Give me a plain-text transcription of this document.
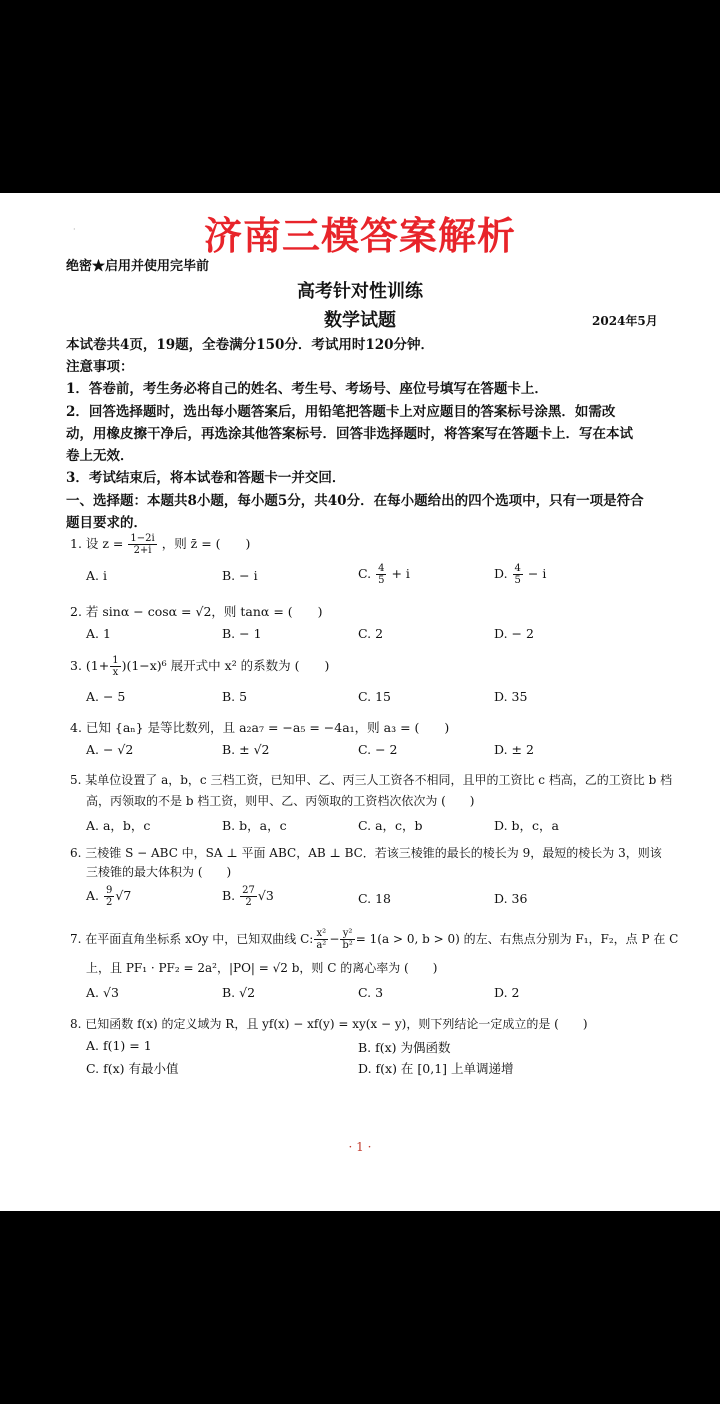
·	济南三模答案解析
绝密★启用并使用完毕前
高考针对性训练
数学试题	2024年5月
本试卷共4页，19题，全卷满分150分．考试用时120分钟．
注意事项：
1．答卷前，考生务必将自己的姓名、考生号、考场号、座位号填写在答题卡上．
2．回答选择题时，选出每小题答案后，用铅笔把答题卡上对应题目的答案标号涂黑．如需改
动，用橡皮擦干净后，再选涂其他答案标号．回答非选择题时，将答案写在答题卡上．写在本试
卷上无效．
3．考试结束后，将本试卷和答题卡一并交回．
一、选择题：本题共8小题，每小题5分，共40分．在每小题给出的四个选项中，只有一项是符合
题目要求的．
1. 设 $z = \frac{1-2i}{2+i}$ ，则 z̄ = (　　)
A. i	B. − i	C. $\frac{4}{5} + i$	D. $\frac{4}{5} - i$
2. 若 sinα − cosα = √2，则 tanα = (　　)
A. 1	B. − 1	C. 2	D. − 2
3. $(1+ \frac{1}{x} )(1-x)^6$ 展开式中 x² 的系数为 (　　)
A. − 5	B. 5	C. 15	D. 35
4. 已知 {aₙ} 是等比数列，且 a₂a₇ = −a₅ = −4a₁，则 a₃ = (　　)
A. − √2	B. ± √2	C. − 2	D. ± 2
5. 某单位设置了 a，b，c 三档工资，已知甲、乙、丙三人工资各不相同，且甲的工资比 c 档高，乙的工资比 b 档
高，丙领取的不是 b 档工资，则甲、乙、丙领取的工资档次依次为 (　　)
A. a，b，c	B. b，a，c	C. a，c，b	D. b，c，a
6. 三棱锥 S − ABC 中，SA ⊥ 平面 ABC，AB ⊥ BC．若该三棱锥的最长的棱长为 9，最短的棱长为 3，则该
三棱锥的最大体积为 (　　)
A. $\frac{9}{2} √7$	B. $\frac{27}{2} √3$	C. 18	D. 36
7. 在平面直角坐标系 xOy 中，已知双曲线 C: $\frac{\text{x²}}{\text{a²}} - \frac{\text{y²}}{\text{b²}} = 1(a > 0$, b > 0) 的左、右焦点分别为 F₁，F₂，点 P 在 C
上，且 PF₁ · PF₂ = 2a²，|PO| = √2 b，则 C 的离心率为 (　　)
A. √3	B. √2	C. 3	D. 2
8. 已知函数 f(x) 的定义域为 R，且 yf(x) − xf(y) = xy(x − y)，则下列结论一定成立的是 (　　)
A. f(1) = 1	B. f(x) 为偶函数
C. f(x) 有最小值	D. f(x) 在 [0,1] 上单调递增
· 1 ·
